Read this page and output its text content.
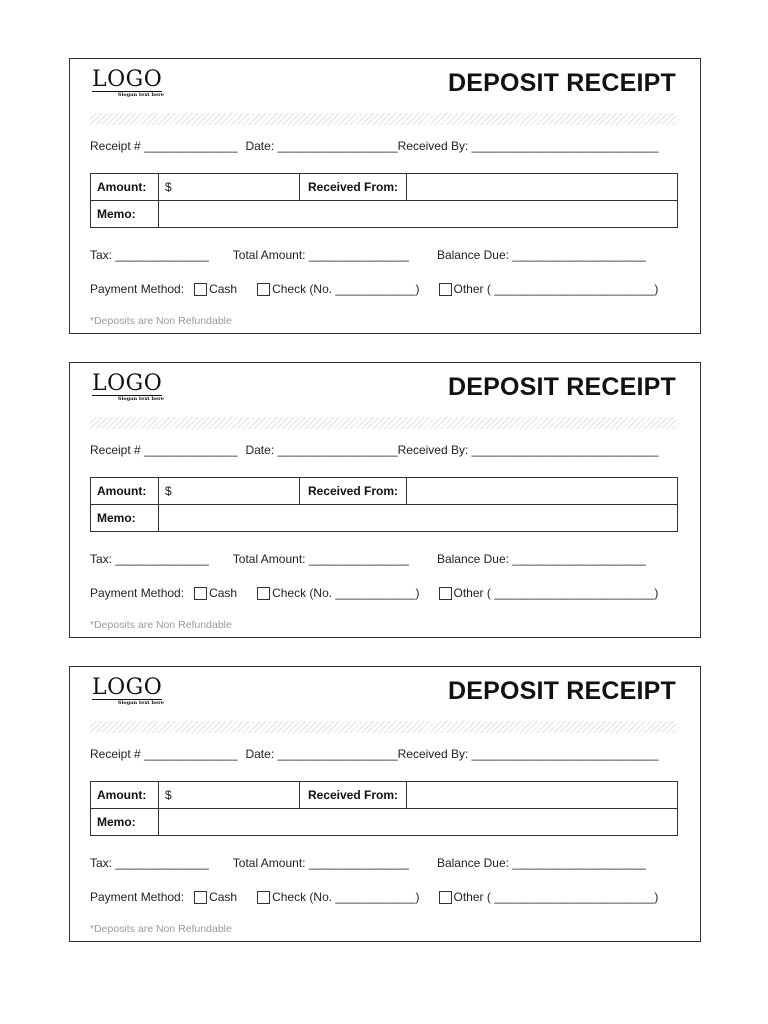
LOGO
Slogan text here	DEPOSIT RECEIPT
Receipt # ______________ Date: __________________Received By: ____________________________
Amount:	$	Received From:	
Memo:			
Tax: ______________ Total Amount: _______________ Balance Due: ____________________
Payment Method: Cash	Check (No. ____________)	Other ( ________________________)
*Deposits are Non Refundable
LOGO
Slogan text here	DEPOSIT RECEIPT
Receipt # ______________ Date: __________________Received By: ____________________________
Amount:	$	Received From:	
Memo:			
Tax: ______________ Total Amount: _______________ Balance Due: ____________________
Payment Method: Cash	Check (No. ____________)	Other ( ________________________)
*Deposits are Non Refundable
LOGO
Slogan text here	DEPOSIT RECEIPT
Receipt # ______________ Date: __________________Received By: ____________________________
Amount:	$	Received From:	
Memo:			
Tax: ______________ Total Amount: _______________ Balance Due: ____________________
Payment Method: Cash	Check (No. ____________)	Other ( ________________________)
*Deposits are Non Refundable
